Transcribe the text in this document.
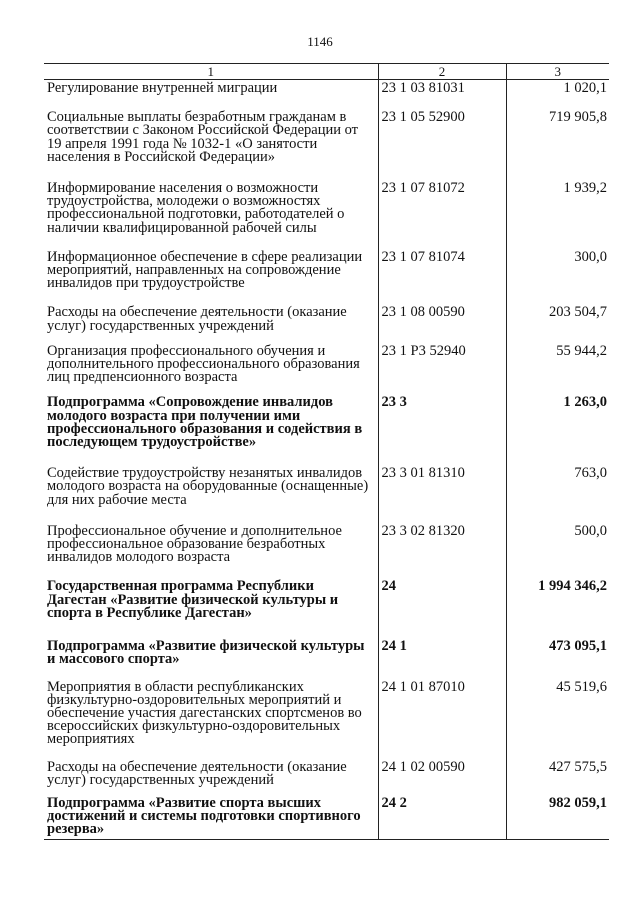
1146
1	2	3
Регулирование внутренней миграции	23 1 03 81031	1 020,1
Социальные выплаты безработным гражданам в соответствии с Законом Российской Федерации от 19 апреля 1991 года № 1032-1 «О занятости населения в Российской Федерации»	23 1 05 52900	719 905,8
Информирование населения о возможности трудоустройства, молодежи о возможностях профессиональной подготовки, работодателей о наличии квалифицированной рабочей силы	23 1 07 81072	1 939,2
Информационное обеспечение в сфере реализации мероприятий, направленных на сопровождение инвалидов при трудоустройстве	23 1 07 81074	300,0
Расходы на обеспечение деятельности (оказание услуг) государственных учреждений	23 1 08 00590	203 504,7
Организация профессионального обучения и дополнительного профессионального образования лиц предпенсионного возраста	23 1 P3 52940	55 944,2
Подпрограмма «Сопровождение инвалидов молодого возраста при получении ими профессионального образования и содействия в последующем трудоустройстве»	23 3	1 263,0
Содействие трудоустройству незанятых инвалидов молодого возраста на оборудованные (оснащенные) для них рабочие места	23 3 01 81310	763,0
Профессиональное обучение и дополнительное профессиональное образование безработных инвалидов молодого возраста	23 3 02 81320	500,0
Государственная программа Республики Дагестан «Развитие физической культуры и спорта в Республике Дагестан»	24	1 994 346,2
Подпрограмма «Развитие физической культуры и массового спорта»	24 1	473 095,1
Мероприятия в области республиканских физкультурно-оздоровительных мероприятий и обеспечение участия дагестанских спортсменов во всероссийских физкультурно-оздоровительных мероприятиях	24 1 01 87010	45 519,6
Расходы на обеспечение деятельности (оказание услуг) государственных учреждений	24 1 02 00590	427 575,5
Подпрограмма «Развитие спорта высших достижений и системы подготовки спортивного резерва»	24 2	982 059,1
